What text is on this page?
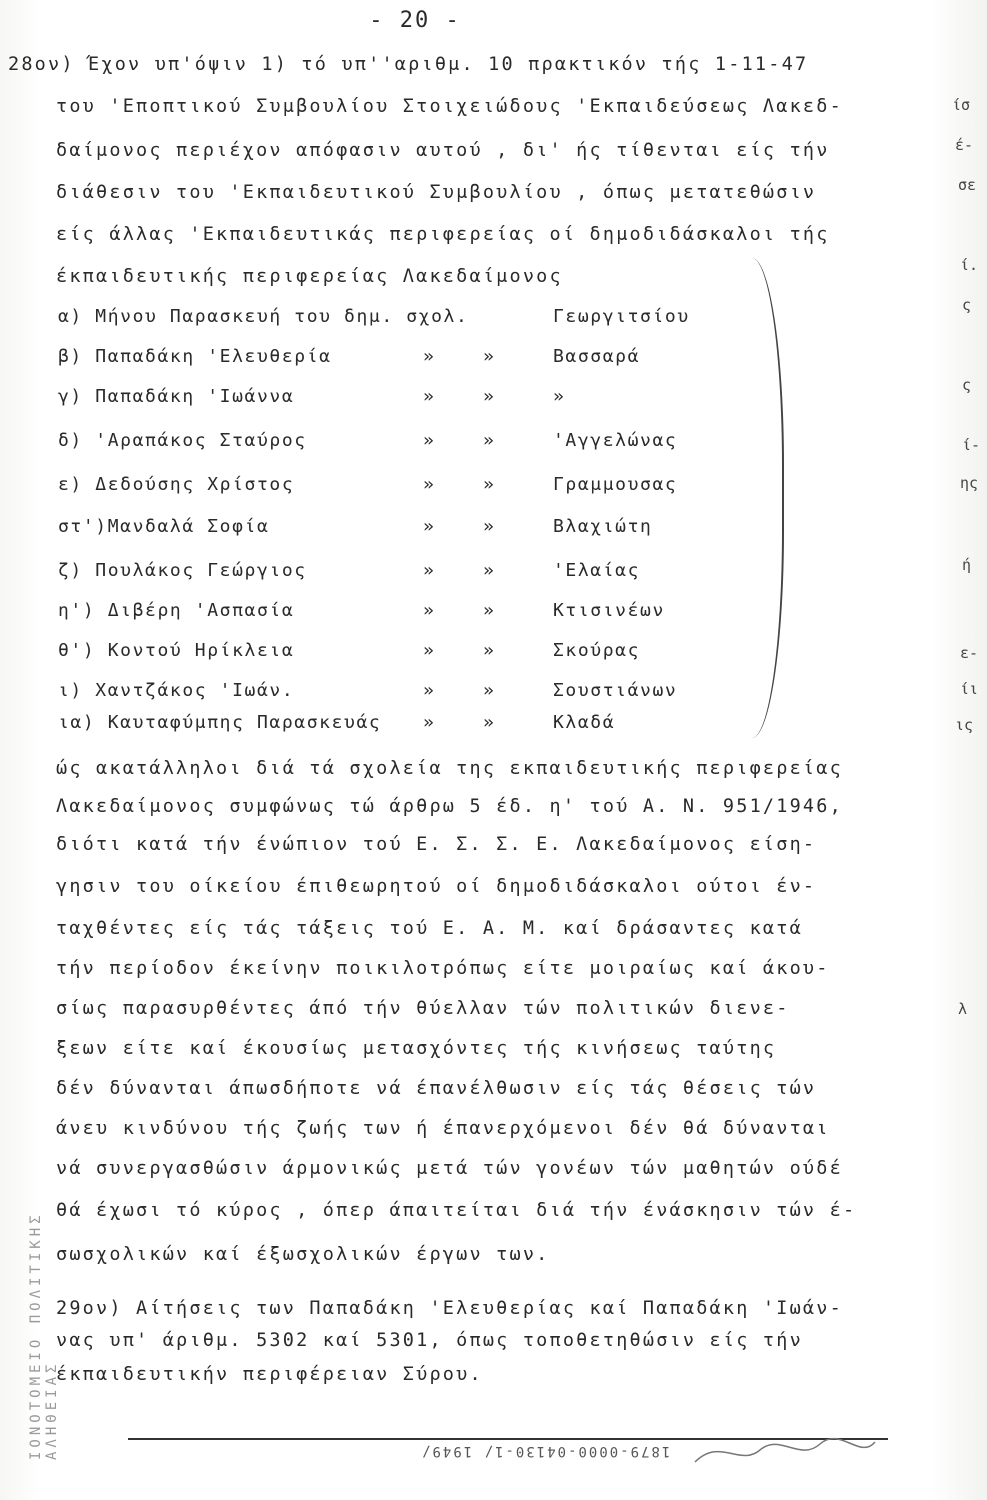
- 20 -
28ον) Έχον υπ'όψιν 1) τό υπ''αριθμ. 10 πρακτικόν τής 1-11-47
του 'Εποπτικού Συμβουλίου Στοιχειώδους 'Εκπαιδεύσεως Λακεδ-
δαίμονος περιέχον απόφασιν αυτού , δι' ής τίθενται είς τήν
διάθεσιν του 'Εκπαιδευτικού Συμβουλίου , όπως μετατεθώσιν
είς άλλας 'Εκπαιδευτικάς περιφερείας οί δημοδιδάσκαλοι τής
έκπαιδευτικής περιφερείας Λακεδαίμονος
α) Μήνου Παρασκευή του δημ. σχολ.	Γεωργιτσίου
β) Παπαδάκη 'Ελευθερία	»	»	Βασσαρά
γ) Παπαδάκη 'Ιωάννα	»	»	»
δ) 'Αραπάκος Σταύρος	»	»	'Αγγελώνας
ε) Δεδούσης Χρίστος	»	»	Γραμμουσας
στ')Μανδαλά Σοφία	»	»	Βλαχιώτη
ζ) Πουλάκος Γεώργιος	»	»	'Ελαίας
η') Διβέρη 'Ασπασία	»	»	Κτισινέων
θ') Κοντού Ηρίκλεια	»	»	Σκούρας
ι) Χαντζάκος 'Ιωάν.	»	»	Σουστιάνων
ια) Καυταφύμπης Παρασκευάς »	»	Κλαδά
ώς ακατάλληλοι διά τά σχολεία της εκπαιδευτικής περιφερείας
Λακεδαίμονος συμφώνως τώ άρθρω 5 έδ. η' τού Α. Ν. 951/1946,
διότι κατά τήν ένώπιον τού Ε. Σ. Σ. Ε. Λακεδαίμονος είση-
γησιν του οίκείου έπιθεωρητού οί δημοδιδάσκαλοι ούτοι έν-
ταχθέντες είς τάς τάξεις τού Ε. Α. Μ. καί δράσαντες κατά
τήν περίοδον έκείνην ποικιλοτρόπως είτε μοιραίως καί άκου-
σίως παρασυρθέντες άπό τήν θύελλαν τών πολιτικών διενε-
ξεων είτε καί έκουσίως μετασχόντες τής κινήσεως ταύτης
δέν δύνανται άπωσδήποτε νά έπανέλθωσιν είς τάς θέσεις τών
άνευ κινδύνου τής ζωής των ή έπανερχόμενοι δέν θά δύνανται
νά συνεργασθώσιν άρμονικώς μετά τών γονέων τών μαθητών ούδέ
θά έχωσι τό κύρος , όπερ άπαιτείται διά τήν ένάσκησιν τών έ-
σωσχολικών καί έξωσχολικών έργων των.
29ον) Αίτήσεις των Παπαδάκη 'Ελευθερίας καί Παπαδάκη 'Ιωάν-
νας υπ' άριθμ. 5302 καί 5301, όπως τοποθετηθώσιν είς τήν
έκπαιδευτικήν περιφέρειαν Σύρου.
ίσ
έ-
σε
ί.
ς
ς
ί-
ης
ή
ίι
ε-
ις
λ
ΙΟΝΟΤΟΜΕΙΟ ΠΟΛΙΤΙΚΗΣ ΑΛΗΘΕΙΑΣ	1879-0000-04130-1/ 1949/
